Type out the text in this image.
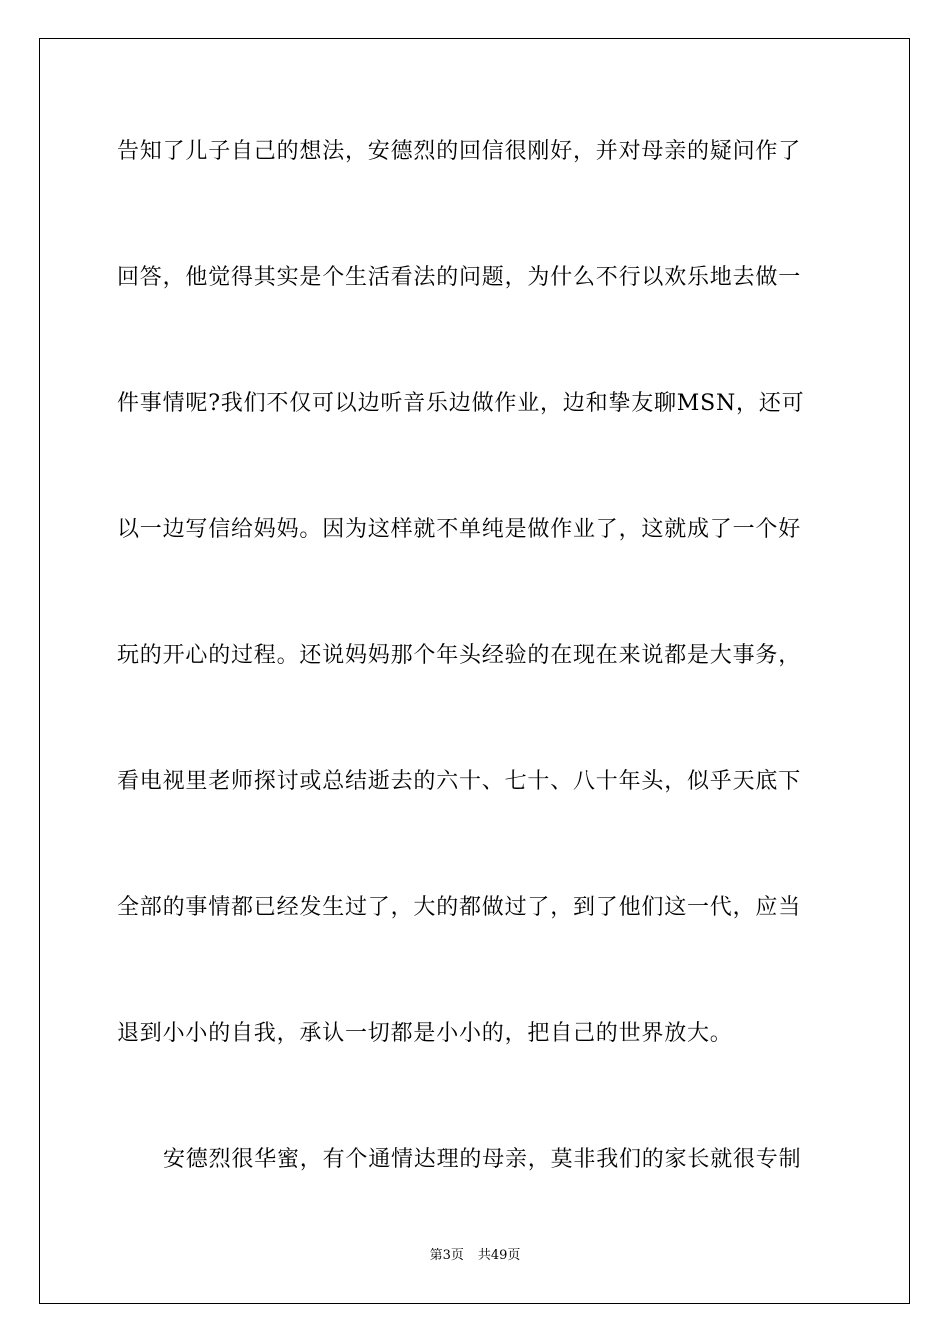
告知了儿子自己的想法，安德烈的回信很刚好，并对母亲的疑问作了
回答，他觉得其实是个生活看法的问题，为什么不行以欢乐地去做一
件事情呢?我们不仅可以边听音乐边做作业，边和挚友聊MSN，还可
以一边写信给妈妈。因为这样就不单纯是做作业了，这就成了一个好
玩的开心的过程。还说妈妈那个年头经验的在现在来说都是大事务，
看电视里老师探讨或总结逝去的六十、七十、八十年头，似乎天底下
全部的事情都已经发生过了，大的都做过了，到了他们这一代，应当
退到小小的自我，承认一切都是小小的，把自己的世界放大。
安德烈很华蜜，有个通情达理的母亲，莫非我们的家长就很专制
第3页 共49页
